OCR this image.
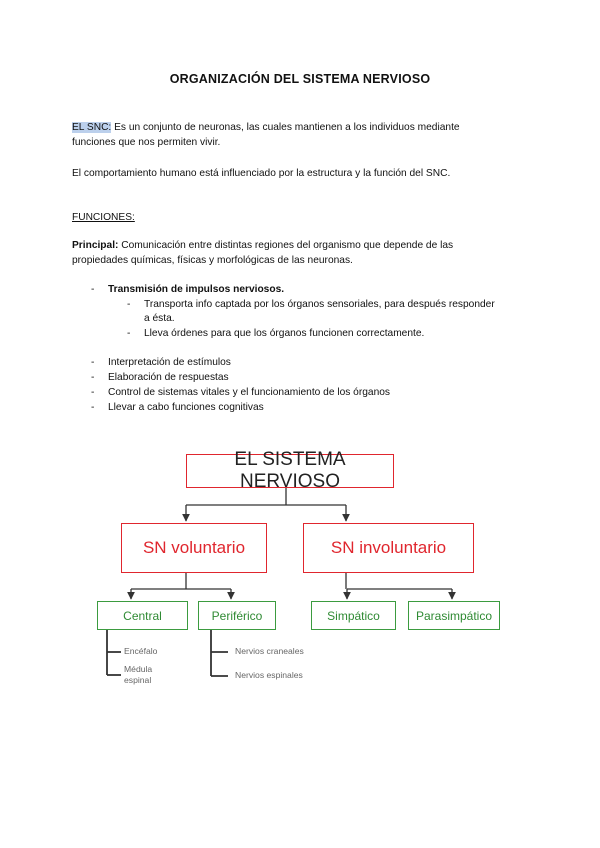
ORGANIZACIÓN DEL SISTEMA NERVIOSO
EL SNC: Es un conjunto de neuronas, las cuales mantienen a los individuos mediante
funciones que nos permiten vivir.
El comportamiento humano está influenciado por la estructura y la función del SNC.
FUNCIONES:
Principal: Comunicación entre distintas regiones del organismo que depende de las
propiedades químicas, físicas y morfológicas de las neuronas.
- Transmisión de impulsos nerviosos.
- Transporta info captada por los órganos sensoriales, para después responder
a ésta.
- Lleva órdenes para que los órganos funcionen correctamente.
- Interpretación de estímulos
- Elaboración de respuestas
- Control de sistemas vitales y el funcionamiento de los órganos
- Llevar a cabo funciones cognitivas
EL SISTEMA NERVIOSO
SN voluntario	SN involuntario
Central	Periférico	Simpático	Parasimpático
Encéfalo
Médula espinal
Nervios craneales
Nervios espinales
